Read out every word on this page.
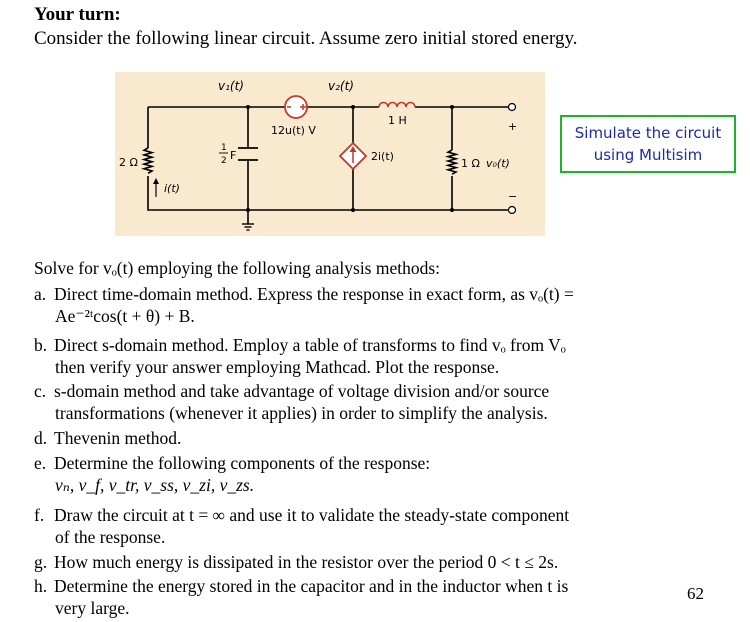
Your turn:
Consider the following linear circuit. Assume zero initial stored energy.
v₁(t)	v₂(t)
12u(t) V
1 H
2 Ω
i(t)
1
2 F	2i(t)
1 Ω v₀(t)
+
−
Simulate the circuit
using Multisim
Solve for vₒ(t) employing the following analysis methods:
a. Direct time-domain method. Express the response in exact form, as vₒ(t) =
Ae⁻²ᵗcos(t + θ) + B.
b. Direct s-domain method. Employ a table of transforms to find vₒ from Vₒ
then verify your answer employing Mathcad. Plot the response.
c. s-domain method and take advantage of voltage division and/or source
transformations (whenever it applies) in order to simplify the analysis.
d. Thevenin method.
e. Determine the following components of the response:
vₙ, v_f, v_tr, v_ss, v_zi, v_zs.
f. Draw the circuit at t = ∞ and use it to validate the steady-state component
of the response.
g. How much energy is dissipated in the resistor over the period 0 < t ≤ 2s.
h. Determine the energy stored in the capacitor and in the inductor when t is
very large.
62
